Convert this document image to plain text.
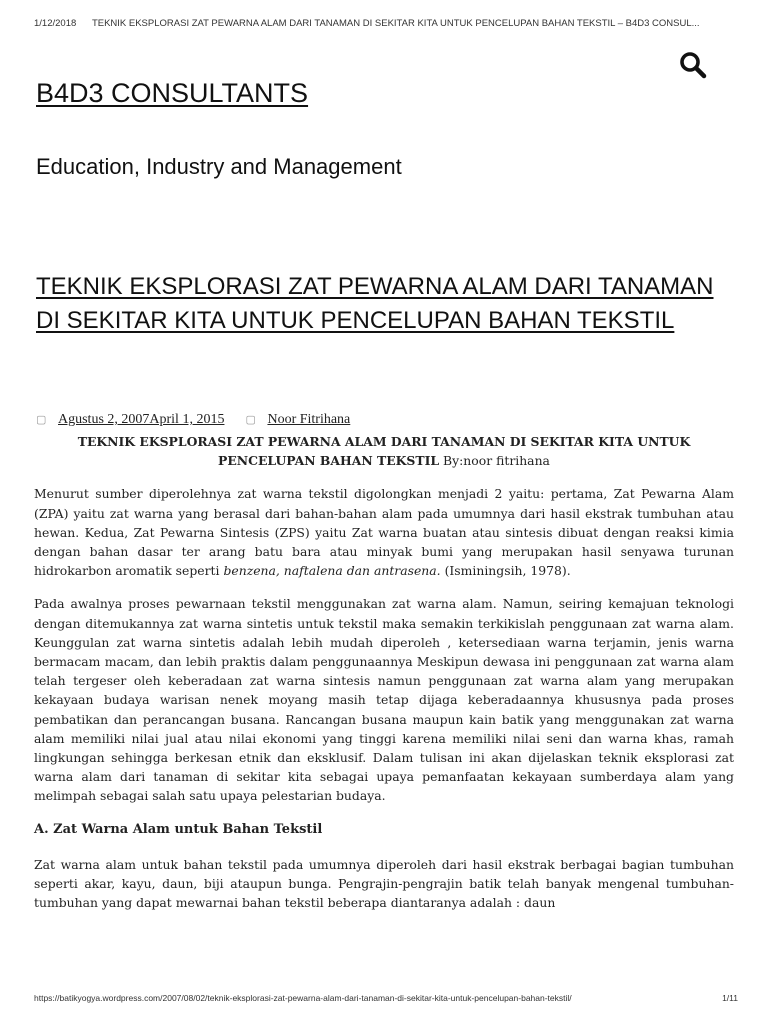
1/12/2018 TEKNIK EKSPLORASI ZAT PEWARNA ALAM DARI TANAMAN DI SEKITAR KITA UNTUK PENCELUPAN BAHAN TEKSTIL – B4D3 CONSUL...
B4D3 CONSULTANTS

Education, Industry and Management

TEKNIK EKSPLORASI ZAT PEWARNA ALAM DARI TANAMAN DI SEKITAR KITA UNTUK PENCELUPAN BAHAN TEKSTIL
▢ Agustus 2, 2007April 1, 2015 ▢ Noor Fitrihana
TEKNIK EKSPLORASI ZAT PEWARNA ALAM DARI TANAMAN DI SEKITAR KITA UNTUK PENCELUPAN BAHAN TEKSTIL By:noor fitrihana

Menurut sumber diperolehnya zat warna tekstil digolongkan menjadi 2 yaitu: pertama, Zat Pewarna Alam (ZPA) yaitu zat warna yang berasal dari bahan-bahan alam pada umumnya dari hasil ekstrak tumbuhan atau hewan. Kedua, Zat Pewarna Sintesis (ZPS) yaitu Zat warna buatan atau sintesis dibuat dengan reaksi kimia dengan bahan dasar ter arang batu bara atau minyak bumi yang merupakan hasil senyawa turunan hidrokarbon aromatik seperti benzena, naftalena dan antrasena. (Isminingsih, 1978).

Pada awalnya proses pewarnaan tekstil menggunakan zat warna alam. Namun, seiring kemajuan teknologi dengan ditemukannya zat warna sintetis untuk tekstil maka semakin terkikislah penggunaan zat warna alam. Keunggulan zat warna sintetis adalah lebih mudah diperoleh , ketersediaan warna terjamin, jenis warna bermacam macam, dan lebih praktis dalam penggunaannya Meskipun dewasa ini penggunaan zat warna alam telah tergeser oleh keberadaan zat warna sintesis namun penggunaan zat warna alam yang merupakan kekayaan budaya warisan nenek moyang masih tetap dijaga keberadaannya khususnya pada proses pembatikan dan perancangan busana. Rancangan busana maupun kain batik yang menggunakan zat warna alam memiliki nilai jual atau nilai ekonomi yang tinggi karena memiliki nilai seni dan warna khas, ramah lingkungan sehingga berkesan etnik dan eksklusif. Dalam tulisan ini akan dijelaskan teknik eksplorasi zat warna alam dari tanaman di sekitar kita sebagai upaya pemanfaatan kekayaan sumberdaya alam yang melimpah sebagai salah satu upaya pelestarian budaya.

A. Zat Warna Alam untuk Bahan Tekstil

Zat warna alam untuk bahan tekstil pada umumnya diperoleh dari hasil ekstrak berbagai bagian tumbuhan seperti akar, kayu, daun, biji ataupun bunga. Pengrajin-pengrajin batik telah banyak mengenal tumbuhan-tumbuhan yang dapat mewarnai bahan tekstil beberapa diantaranya adalah : daun

https://batikyogya.wordpress.com/2007/08/02/teknik-eksplorasi-zat-pewarna-alam-dari-tanaman-di-sekitar-kita-untuk-pencelupan-bahan-tekstil/	1/11
